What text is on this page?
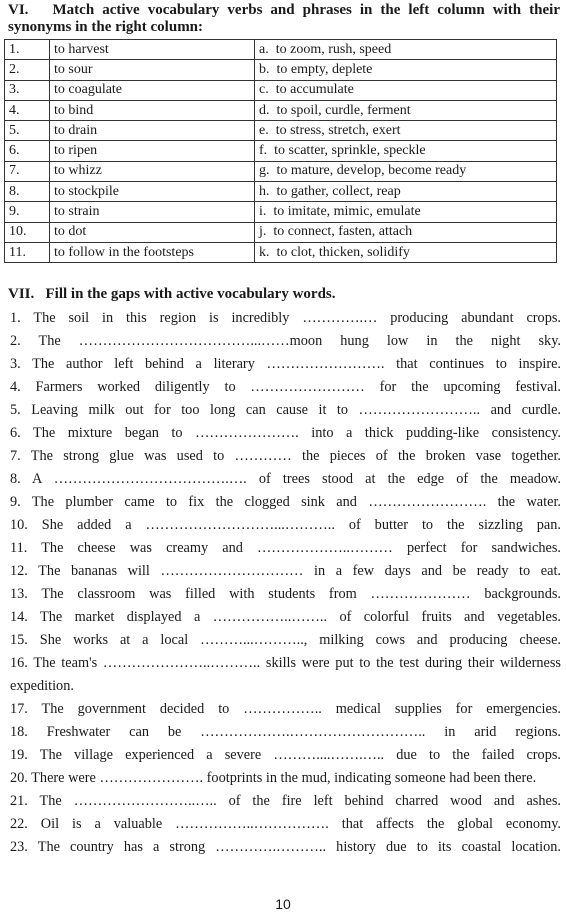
VI.   Match active vocabulary verbs and phrases in the left column with their synonyms in the right column:
1.	to harvest	a.  to zoom, rush, speed
2.	to sour	b.  to empty, deplete
3.	to coagulate	c.  to accumulate
4.	to bind	d.  to spoil, curdle, ferment
5.	to drain	e.  to stress, stretch, exert
6.	to ripen	f.  to scatter, sprinkle, speckle
7.	to whizz	g.  to mature, develop, become ready
8.	to stockpile	h.  to gather, collect, reap
9.	to strain	i.  to imitate, mimic, emulate
10.	to dot	j.  to connect, fasten, attach
11.	to follow in the footsteps	k.  to clot, thicken, solidify
VII.   Fill in the gaps with active vocabulary words.
1. The soil in this region is incredibly ………….… producing abundant crops.
2. The ………………………………...……moon hung low in the night sky.
3. The author left behind a literary ……………………. that continues to inspire.
4. Farmers worked diligently to …………………… for the upcoming festival.
5. Leaving milk out for too long can cause it to …………………….. and curdle.
6. The mixture began to …………………. into a thick pudding-like consistency.
7. The strong glue was used to ………… the pieces of the broken vase together.
8. A ……………………………….…. of trees stood at the edge of the meadow.
9. The plumber came to fix the clogged sink and ……………………. the water.
10. She added a ………………………...……….. of butter to the sizzling pan.
11. The cheese was creamy and ………………..……… perfect for sandwiches.
12. The bananas will ………………………… in a few days and be ready to eat.
13. The classroom was filled with students from ………………… backgrounds.
14. The market displayed a ……………..…….. of colorful fruits and vegetables.
15. She works at a local ………...……….., milking cows and producing cheese.
16. The team's …………………..……….. skills were put to the test during their wilderness expedition.
17. The government decided to …………….. medical supplies for emergencies.
18. Freshwater can be ……………….……………………….. in arid regions.
19. The village experienced a severe ………....…….….. due to the failed crops.
20. There were …………………. footprints in the mud, indicating someone had been there.
21. The ……………………..….. of the fire left behind charred wood and ashes.
22. Oil is a valuable ……………..……………. that affects the global economy.
23. The country has a strong ………….……….. history due to its coastal location.
10
